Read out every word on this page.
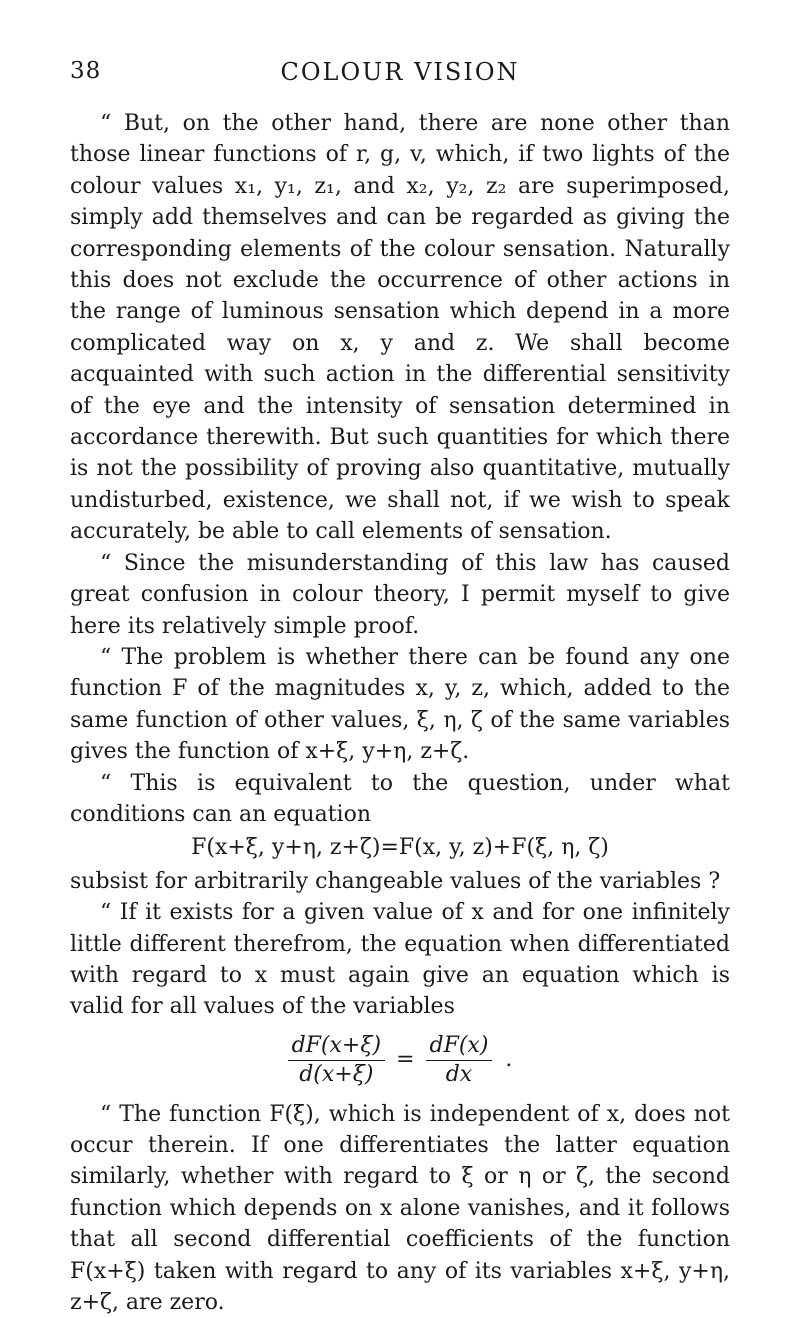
38	COLOUR VISION

“ But, on the other hand, there are none other than those linear functions of r, g, v, which, if two lights of the colour values x₁, y₁, z₁, and x₂, y₂, z₂ are superimposed, simply add themselves and can be regarded as giving the corresponding elements of the colour sensation. Naturally this does not exclude the occurrence of other actions in the range of luminous sensation which depend in a more complicated way on x, y and z. We shall become acquainted with such action in the differential sensitivity of the eye and the intensity of sensation determined in accordance therewith. But such quantities for which there is not the possibility of proving also quantitative, mutually undisturbed, existence, we shall not, if we wish to speak accurately, be able to call elements of sensation.

“ Since the misunderstanding of this law has caused great confusion in colour theory, I permit myself to give here its relatively simple proof.

“ The problem is whether there can be found any one function F of the magnitudes x, y, z, which, added to the same function of other values, ξ, η, ζ of the same variables gives the function of x+ξ, y+η, z+ζ.

“ This is equivalent to the question, under what conditions can an equation

F(x+ξ, y+η, z+ζ)=F(x, y, z)+F(ξ, η, ζ)

subsist for arbitrarily changeable values of the variables ?

“ If it exists for a given value of x and for one infinitely little different therefrom, the equation when differentiated with regard to x must again give an equation which is valid for all values of the variables

$\frac{dF(x+\xi)}{d(x+\xi)} = \frac{dF(x)}{dx}$ .

“ The function F(ξ), which is independent of x, does not occur therein. If one differentiates the latter equation similarly, whether with regard to ξ or η or ζ, the second function which depends on x alone vanishes, and it follows that all second differential coefficients of the function F(x+ξ) taken with regard to any of its variables x+ξ, y+η, z+ζ, are zero.
